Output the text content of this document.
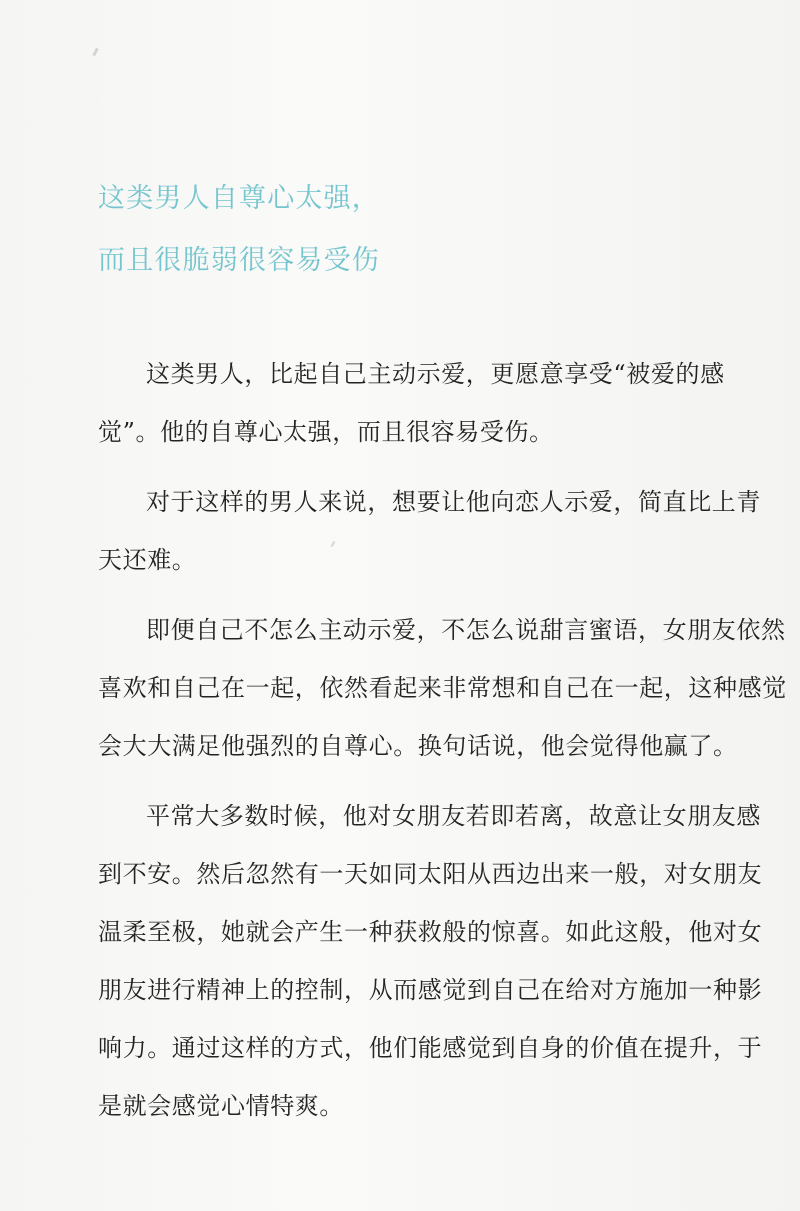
这类男人自尊心太强，
而且很脆弱很容易受伤

这类男人，比起自己主动示爱，更愿意享受“被爱的感
觉”。他的自尊心太强，而且很容易受伤。

对于这样的男人来说，想要让他向恋人示爱，简直比上青
天还难。

即便自己不怎么主动示爱，不怎么说甜言蜜语，女朋友依然
喜欢和自己在一起，依然看起来非常想和自己在一起，这种感觉
会大大满足他强烈的自尊心。换句话说，他会觉得他赢了。

平常大多数时候，他对女朋友若即若离，故意让女朋友感
到不安。然后忽然有一天如同太阳从西边出来一般，对女朋友
温柔至极，她就会产生一种获救般的惊喜。如此这般，他对女
朋友进行精神上的控制，从而感觉到自己在给对方施加一种影
响力。通过这样的方式，他们能感觉到自身的价值在提升，于
是就会感觉心情特爽。
